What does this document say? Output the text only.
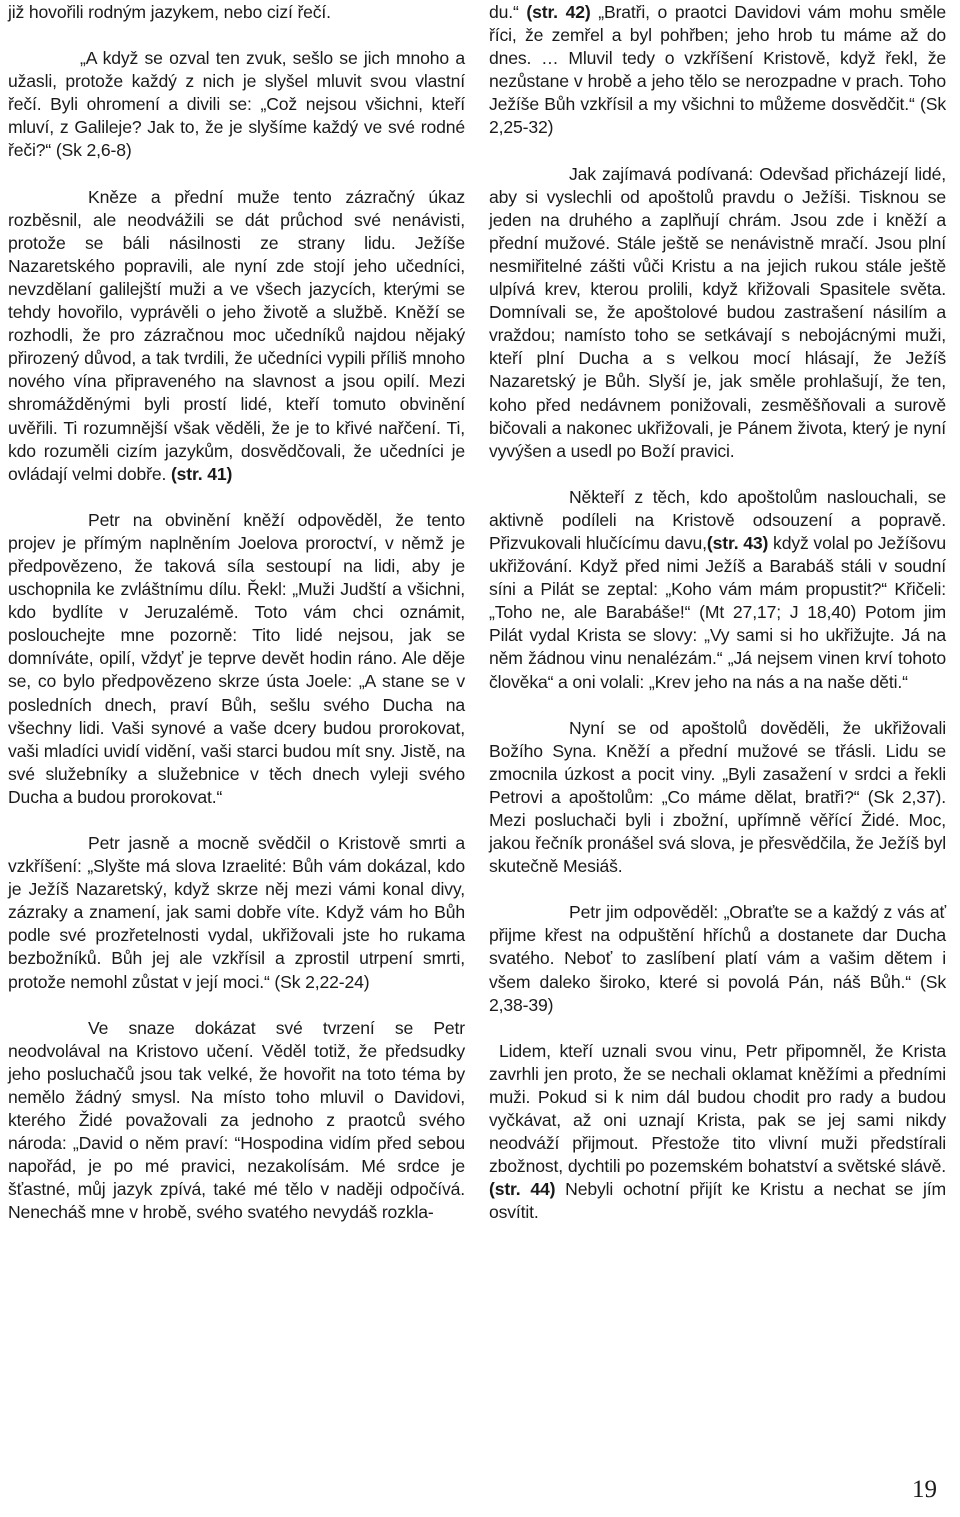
již hovořili rodným jazykem, nebo cizí řečí.

„A když se ozval ten zvuk, sešlo se jich mnoho a užasli, protože každý z nich je slyšel mluvit svou vlastní řečí. Byli ohromení a divili se: „Což nejsou všichni, kteří mluví, z Galileje? Jak to, že je slyšíme každý ve své rodné řeči?“ (Sk 2,6-8)

Kněze a přední muže tento zázračný úkaz rozběsnil, ale neodvážili se dát průchod své nenávisti, protože se báli násilnosti ze strany lidu. Ježíše Nazaretského popravili, ale nyní zde stojí jeho učedníci, nevzdělaní galilejští muži a ve všech jazycích, kterými se tehdy hovořilo, vyprávěli o jeho životě a službě. Kněží se rozhodli, že pro zázračnou moc učedníků najdou nějaký přirozený důvod, a tak tvrdili, že učedníci vypili příliš mnoho nového vína připraveného na slavnost a jsou opilí. Mezi shromážděnými byli prostí lidé, kteří tomuto obvinění uvěřili. Ti rozumnější však věděli, že je to křivé nařčení. Ti, kdo rozuměli cizím jazykům, dosvědčovali, že učedníci je ovládají velmi dobře. (str. 41)

Petr na obvinění kněží odpověděl, že tento projev je přímým naplněním Joelova proroctví, v němž je předpovězeno, že taková síla sestoupí na lidi, aby je uschopnila ke zvláštnímu dílu. Řekl: „Muži Judští a všichni, kdo bydlíte v Jeruzalémě. Toto vám chci oznámit, poslouchejte mne pozorně: Tito lidé nejsou, jak se domníváte, opilí, vždyť je teprve devět hodin ráno. Ale děje se, co bylo předpovězeno skrze ústa Joele: „A stane se v posledních dnech, praví Bůh, sešlu svého Ducha na všechny lidi. Vaši synové a vaše dcery budou prorokovat, vaši mladíci uvidí vidění, vaši starci budou mít sny. Jistě, na své služebníky a služebnice v těch dnech vyleji svého Ducha a budou prorokovat.“

Petr jasně a mocně svědčil o Kristově smrti a vzkříšení: „Slyšte má slova Izraelité: Bůh vám dokázal, kdo je Ježíš Nazaretský, když skrze něj mezi vámi konal divy, zázraky a znamení, jak sami dobře víte. Když vám ho Bůh podle své prozřetelnosti vydal, ukřižovali jste ho rukama bezbožníků. Bůh jej ale vzkřísil a zprostil utrpení smrti, protože nemohl zůstat v její moci.“ (Sk 2,22-24)

Ve snaze dokázat své tvrzení se Petr neodvolával na Kristovo učení. Věděl totiž, že předsudky jeho posluchačů jsou tak velké, že hovořit na toto téma by nemělo žádný smysl. Na místo toho mluvil o Davidovi, kterého Židé považovali za jednoho z praotců svého národa: „David o něm praví: “Hospodina vidím před sebou napořád, je po mé pravici, nezakolísám. Mé srdce je šťastné, můj jazyk zpívá, také mé tělo v naději odpočívá. Nenecháš mne v hrobě, svého svatého nevydáš rozkla-

du.“ (str. 42) „Bratři, o praotci Davidovi vám mohu směle říci, že zemřel a byl pohřben; jeho hrob tu máme až do dnes. … Mluvil tedy o vzkříšení Kristově, když řekl, že nezůstane v hrobě a jeho tělo se nerozpadne v prach. Toho Ježíše Bůh vzkřísil a my všichni to můžeme dosvědčit.“ (Sk 2,25-32)

Jak zajímavá podívaná: Odevšad přicházejí lidé, aby si vyslechli od apoštolů pravdu o Ježíši. Tisknou se jeden na druhého a zaplňují chrám. Jsou zde i kněží a přední mužové. Stále ještě se nenávistně mračí. Jsou plní nesmiřitelné zášti vůči Kristu a na jejich rukou stále ještě ulpívá krev, kterou prolili, když křižovali Spasitele světa. Domnívali se, že apoštolové budou zastrašení násilím a vraždou; namísto toho se setkávají s nebojácnými muži, kteří plní Ducha a s velkou mocí hlásají, že Ježíš Nazaretský je Bůh. Slyší je, jak směle prohlašují, že ten, koho před nedávnem ponižovali, zesměšňovali a surově bičovali a nakonec ukřižovali, je Pánem života, který je nyní vyvýšen a usedl po Boží pravici.

Někteří z těch, kdo apoštolům naslouchali, se aktivně podíleli na Kristově odsouzení a popravě. Přizvukovali hlučícímu davu,(str. 43) když volal po Ježíšovu ukřižování. Když před nimi Ježíš a Barabáš stáli v soudní síni a Pilát se zeptal: „Koho vám mám propustit?“ Křičeli: „Toho ne, ale Barabáše!“ (Mt 27,17; J 18,40) Potom jim Pilát vydal Krista se slovy: „Vy sami si ho ukřižujte. Já na něm žádnou vinu nenalézám.“ „Já nejsem vinen krví tohoto člověka“ a oni volali: „Krev jeho na nás a na naše děti.“

Nyní se od apoštolů dověděli, že ukřižovali Božího Syna. Kněží a přední mužové se třásli. Lidu se zmocnila úzkost a pocit viny. „Byli zasažení v srdci a řekli Petrovi a apoštolům: „Co máme dělat, bratři?“ (Sk 2,37). Mezi posluchači byli i zbožní, upřímně věřící Židé. Moc, jakou řečník pronášel svá slova, je přesvědčila, že Ježíš byl skutečně Mesiáš.

Petr jim odpověděl: „Obraťte se a každý z vás ať přijme křest na odpuštění hříchů a dostanete dar Ducha svatého. Neboť to zaslíbení platí vám a vašim dětem i všem daleko široko, které si povolá Pán, náš Bůh.“ (Sk 2,38-39)

Lidem, kteří uznali svou vinu, Petr připomněl, že Krista zavrhli jen proto, že se nechali oklamat kněžími a předními muži. Pokud si k nim dál budou chodit pro rady a budou vyčkávat, až oni uznají Krista, pak se jej sami nikdy neodváží přijmout. Přestože tito vlivní muži předstírali zbožnost, dychtili po pozemském bohatství a světské slávě. (str. 44) Nebyli ochotní přijít ke Kristu a nechat se jím osvítit.

19
